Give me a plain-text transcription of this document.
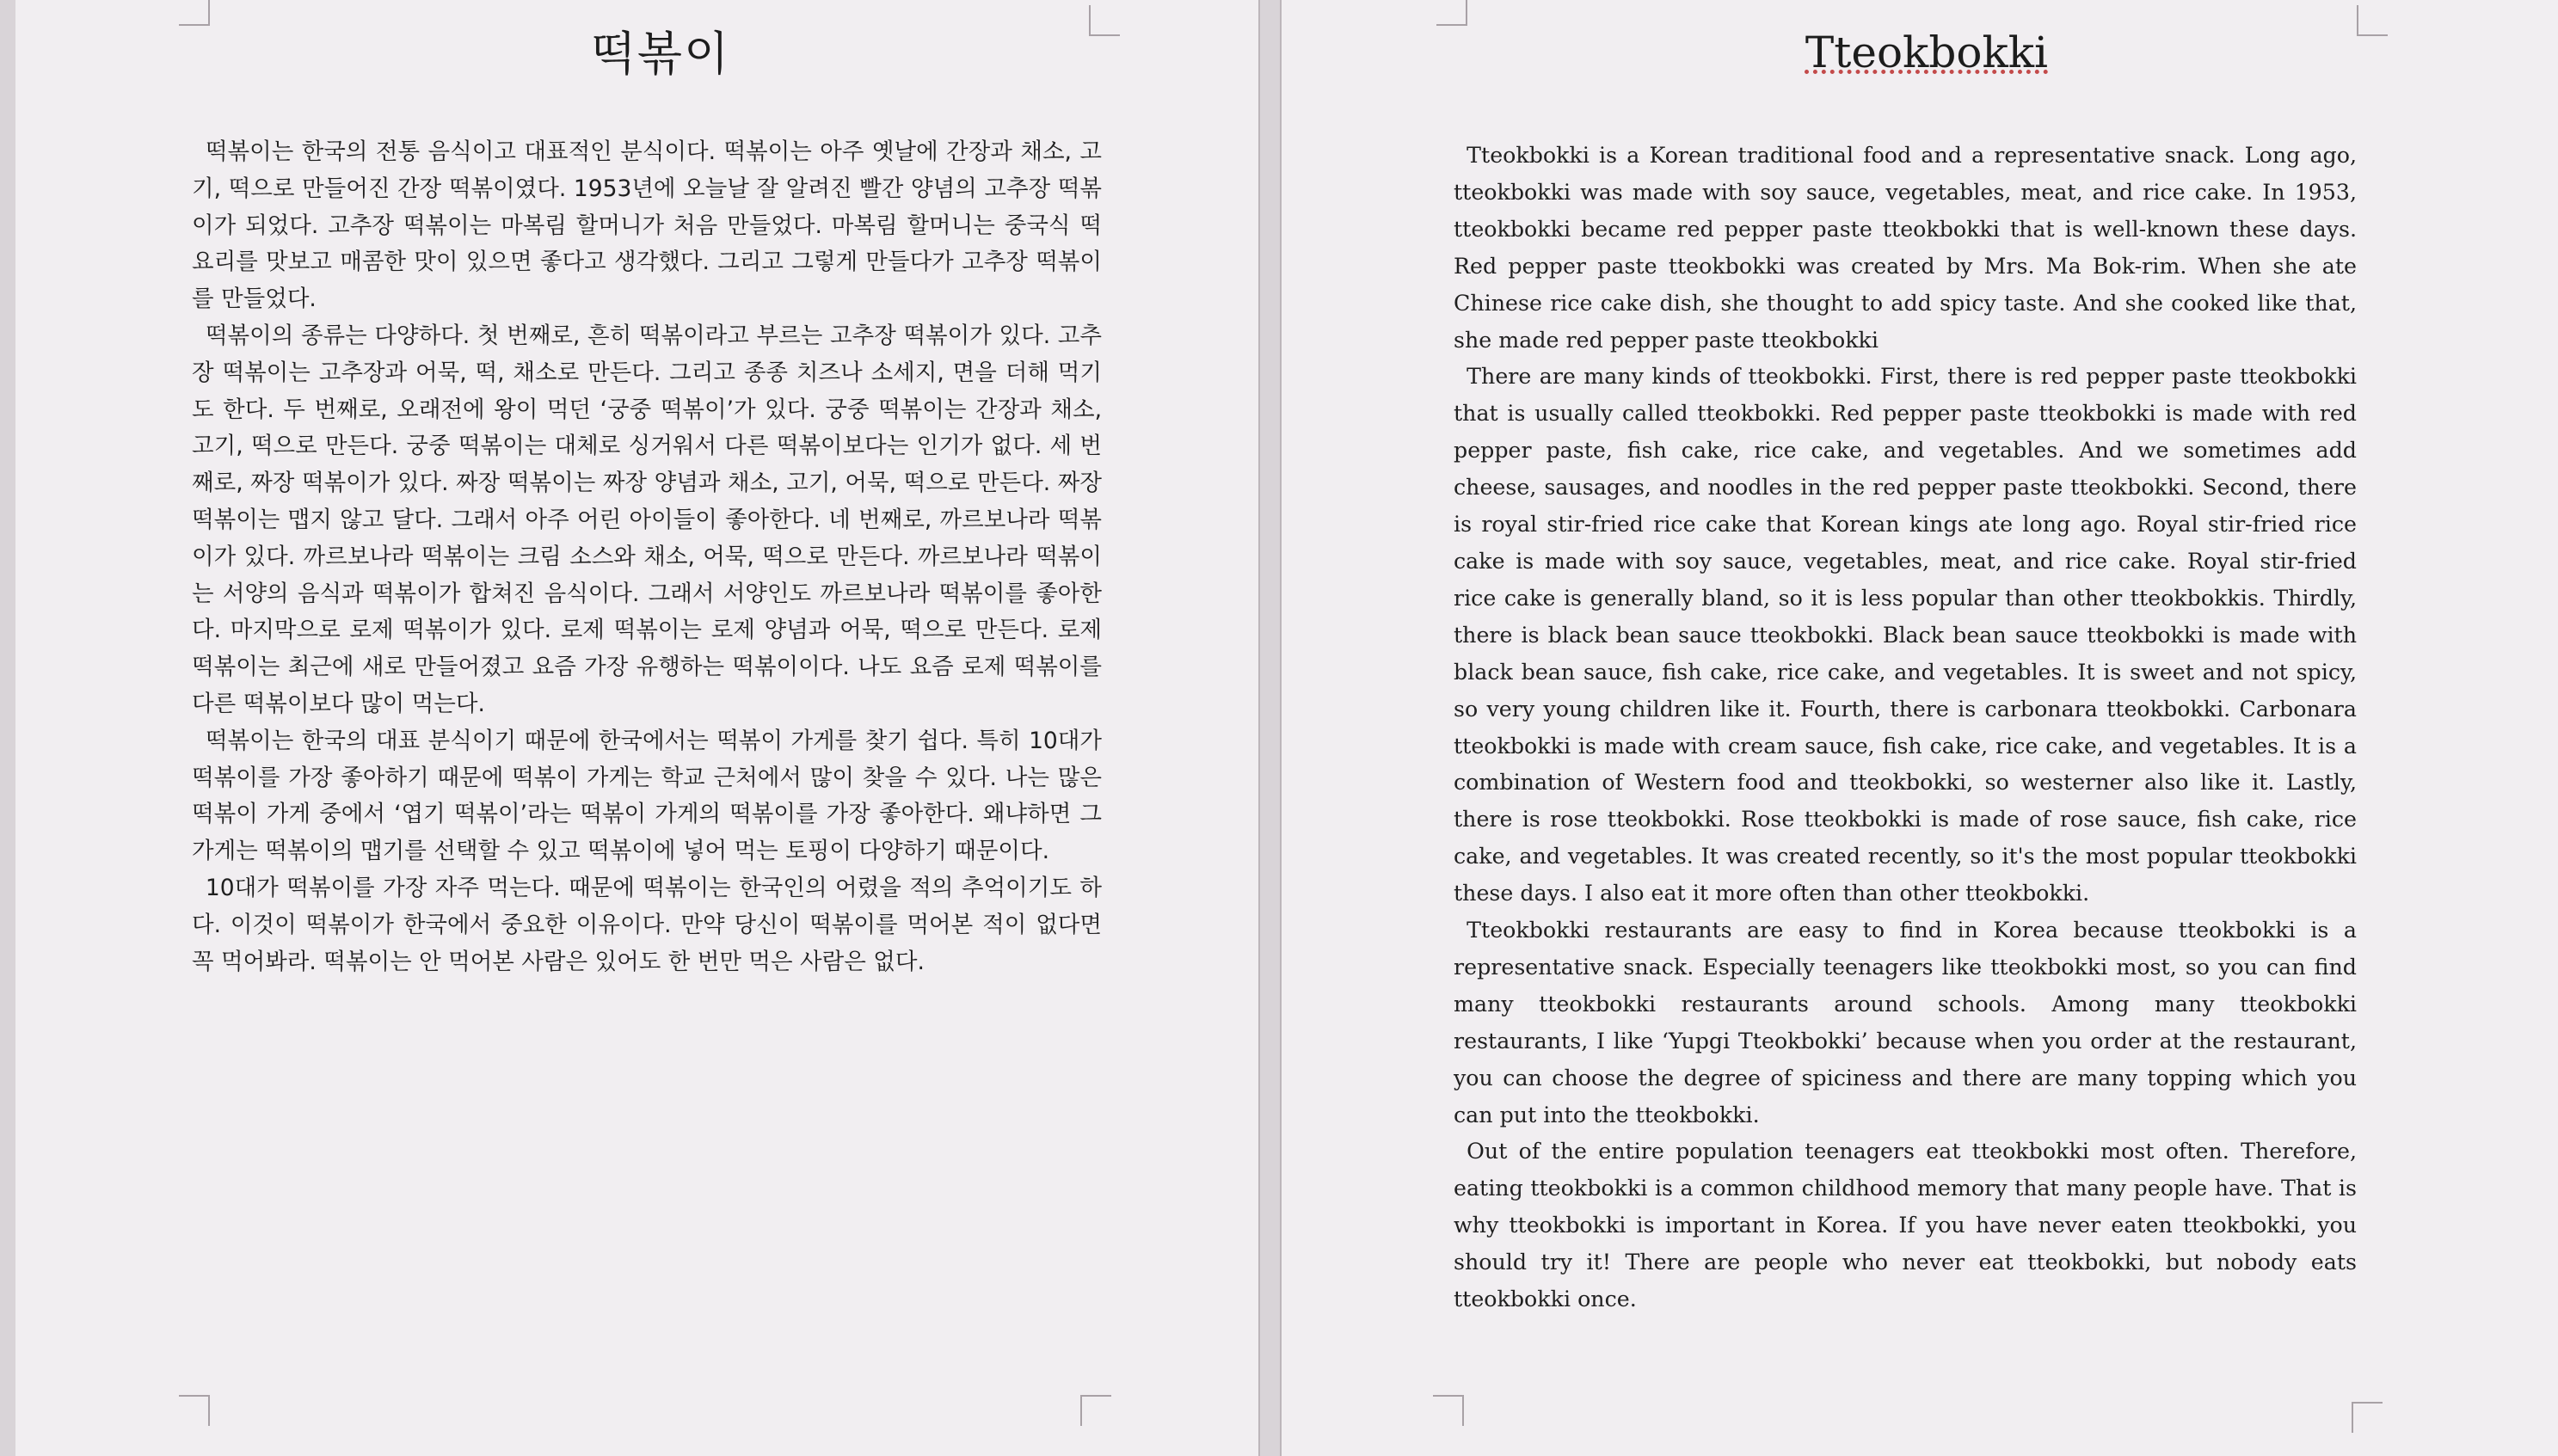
떡볶이

떡볶이는 한국의 전통 음식이고 대표적인 분식이다. 떡볶이는 아주 옛날에 간장과 채소, 고기, 떡으로 만들어진 간장 떡볶이였다. 1953년에 오늘날 잘 알려진 빨간 양념의 고추장 떡볶이가 되었다. 고추장 떡볶이는 마복림 할머니가 처음 만들었다. 마복림 할머니는 중국식 떡 요리를 맛보고 매콤한 맛이 있으면 좋다고 생각했다. 그리고 그렇게 만들다가 고추장 떡볶이를 만들었다.

떡볶이의 종류는 다양하다. 첫 번째로, 흔히 떡볶이라고 부르는 고추장 떡볶이가 있다. 고추장 떡볶이는 고추장과 어묵, 떡, 채소로 만든다. 그리고 종종 치즈나 소세지, 면을 더해 먹기도 한다. 두 번째로, 오래전에 왕이 먹던 ‘궁중 떡볶이’가 있다. 궁중 떡볶이는 간장과 채소, 고기, 떡으로 만든다. 궁중 떡볶이는 대체로 싱거워서 다른 떡볶이보다는 인기가 없다. 세 번째로, 짜장 떡볶이가 있다. 짜장 떡볶이는 짜장 양념과 채소, 고기, 어묵, 떡으로 만든다. 짜장 떡볶이는 맵지 않고 달다. 그래서 아주 어린 아이들이 좋아한다. 네 번째로, 까르보나라 떡볶이가 있다. 까르보나라 떡볶이는 크림 소스와 채소, 어묵, 떡으로 만든다. 까르보나라 떡볶이는 서양의 음식과 떡볶이가 합쳐진 음식이다. 그래서 서양인도 까르보나라 떡볶이를 좋아한다. 마지막으로 로제 떡볶이가 있다. 로제 떡볶이는 로제 양념과 어묵, 떡으로 만든다. 로제 떡볶이는 최근에 새로 만들어졌고 요즘 가장 유행하는 떡볶이이다. 나도 요즘 로제 떡볶이를 다른 떡볶이보다 많이 먹는다.

떡볶이는 한국의 대표 분식이기 때문에 한국에서는 떡볶이 가게를 찾기 쉽다. 특히 10대가 떡볶이를 가장 좋아하기 때문에 떡볶이 가게는 학교 근처에서 많이 찾을 수 있다. 나는 많은 떡볶이 가게 중에서 ‘엽기 떡볶이’라는 떡볶이 가게의 떡볶이를 가장 좋아한다. 왜냐하면 그 가게는 떡볶이의 맵기를 선택할 수 있고 떡볶이에 넣어 먹는 토핑이 다양하기 때문이다.

10대가 떡볶이를 가장 자주 먹는다. 때문에 떡볶이는 한국인의 어렸을 적의 추억이기도 하다. 이것이 떡볶이가 한국에서 중요한 이유이다. 만약 당신이 떡볶이를 먹어본 적이 없다면 꼭 먹어봐라. 떡볶이는 안 먹어본 사람은 있어도 한 번만 먹은 사람은 없다.

Tteokbokki

Tteokbokki is a Korean traditional food and a representative snack. Long ago, tteokbokki was made with soy sauce, vegetables, meat, and rice cake. In 1953, tteokbokki became red pepper paste tteokbokki that is well-known these days. Red pepper paste tteokbokki was created by Mrs. Ma Bok-rim. When she ate Chinese rice cake dish, she thought to add spicy taste. And she cooked like that, she made red pepper paste tteokbokki

There are many kinds of tteokbokki. First, there is red pepper paste tteokbokki that is usually called tteokbokki. Red pepper paste tteokbokki is made with red pepper paste, fish cake, rice cake, and vegetables. And we sometimes add cheese, sausages, and noodles in the red pepper paste tteokbokki. Second, there is royal stir-fried rice cake that Korean kings ate long ago. Royal stir-fried rice cake is made with soy sauce, vegetables, meat, and rice cake. Royal stir-fried rice cake is generally bland, so it is less popular than other tteokbokkis. Thirdly, there is black bean sauce tteokbokki. Black bean sauce tteokbokki is made with black bean sauce, fish cake, rice cake, and vegetables. It is sweet and not spicy, so very young children like it. Fourth, there is carbonara tteokbokki. Carbonara tteokbokki is made with cream sauce, fish cake, rice cake, and vegetables. It is a combination of Western food and tteokbokki, so westerner also like it. Lastly, there is rose tteokbokki. Rose tteokbokki is made of rose sauce, fish cake, rice cake, and vegetables. It was created recently, so it's the most popular tteokbokki these days. I also eat it more often than other tteokbokki.

Tteokbokki restaurants are easy to find in Korea because tteokbokki is a representative snack. Especially teenagers like tteokbokki most, so you can find many tteokbokki restaurants around schools. Among many tteokbokki restaurants, I like ‘Yupgi Tteokbokki’ because when you order at the restaurant, you can choose the degree of spiciness and there are many topping which you can put into the tteokbokki.

Out of the entire population teenagers eat tteokbokki most often. Therefore, eating tteokbokki is a common childhood memory that many people have. That is why tteokbokki is important in Korea. If you have never eaten tteokbokki, you should try it! There are people who never eat tteokbokki, but nobody eats tteokbokki once.
